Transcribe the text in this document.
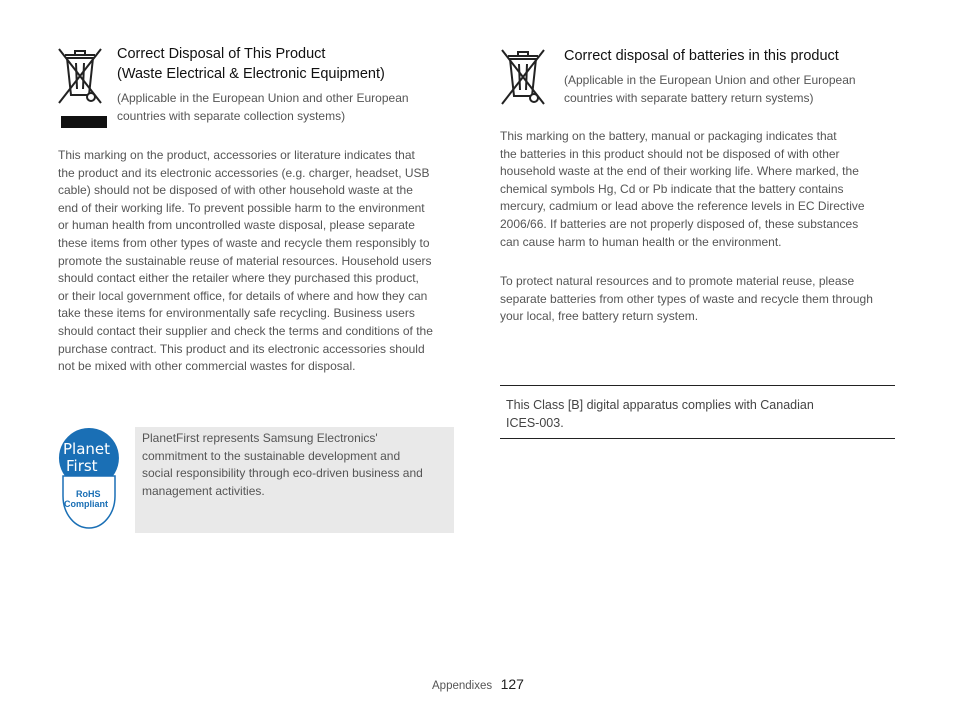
Correct Disposal of This Product
(Waste Electrical & Electronic Equipment)
(Applicable in the European Union and other European
countries with separate collection systems)
This marking on the product, accessories or literature indicates that
the product and its electronic accessories (e.g. charger, headset, USB
cable) should not be disposed of with other household waste at the
end of their working life. To prevent possible harm to the environment
or human health from uncontrolled waste disposal, please separate
these items from other types of waste and recycle them responsibly to
promote the sustainable reuse of material resources. Household users
should contact either the retailer where they purchased this product,
or their local government office, for details of where and how they can
take these items for environmentally safe recycling. Business users
should contact their supplier and check the terms and conditions of the
purchase contract. This product and its electronic accessories should
not be mixed with other commercial wastes for disposal.
Planet
First
RoHS
Compliant
PlanetFirst represents Samsung Electronics'
commitment to the sustainable development and
social responsibility through eco-driven business and
management activities.
Correct disposal of batteries in this product
(Applicable in the European Union and other European
countries with separate battery return systems)
This marking on the battery, manual or packaging indicates that
the batteries in this product should not be disposed of with other
household waste at the end of their working life. Where marked, the
chemical symbols Hg, Cd or Pb indicate that the battery contains
mercury, cadmium or lead above the reference levels in EC Directive
2006/66. If batteries are not properly disposed of, these substances
can cause harm to human health or the environment.
To protect natural resources and to promote material reuse, please
separate batteries from other types of waste and recycle them through
your local, free battery return system.
This Class [B] digital apparatus complies with Canadian
ICES-003.
Appendixes 127
